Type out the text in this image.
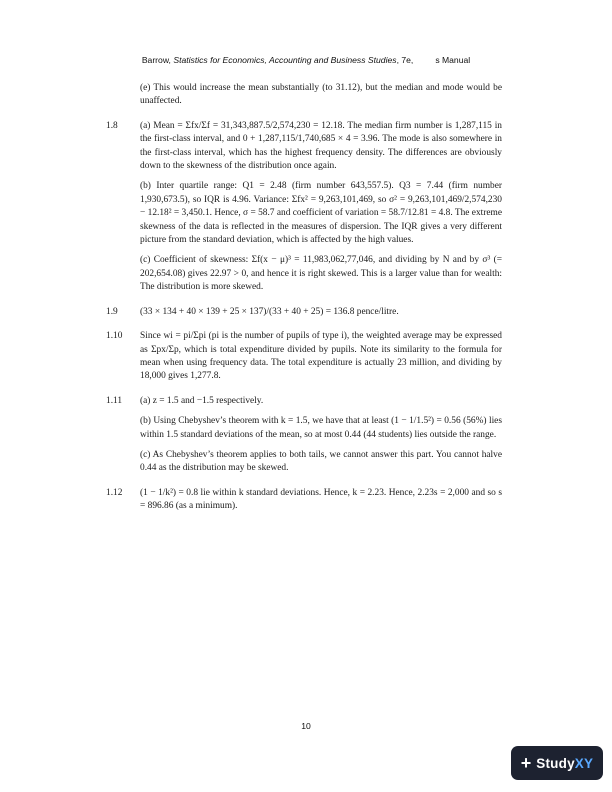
Barrow, Statistics for Economics, Accounting and Business Studies, 7e,	s Manual

(e) This would increase the mean substantially (to 31.12), but the median and mode would be unaffected.

1.8 (a) Mean = Σfx/Σf = 31,343,887.5/2,574,230 = 12.18. The median firm number is 1,287,115 in the first-class interval, and 0 + 1,287,115/1,740,685 × 4 = 3.96. The mode is also somewhere in the first-class interval, which has the highest frequency density. The differences are obviously down to the skewness of the distribution once again.

(b) Inter quartile range: Q1 = 2.48 (firm number 643,557.5). Q3 = 7.44 (firm number 1,930,673.5), so IQR is 4.96. Variance: Σfx² = 9,263,101,469, so σ² = 9,263,101,469/2,574,230 − 12.18² = 3,450.1. Hence, σ = 58.7 and coefficient of variation = 58.7/12.81 = 4.8. The extreme skewness of the data is reflected in the measures of dispersion. The IQR gives a very different picture from the standard deviation, which is affected by the high values.

(c) Coefficient of skewness: Σf(x − μ)³ = 11,983,062,77,046, and dividing by N and by σ³ (= 202,654.08) gives 22.97 > 0, and hence it is right skewed. This is a larger value than for wealth: The distribution is more skewed.

1.9 (33 × 134 + 40 × 139 + 25 × 137)/(33 + 40 + 25) = 136.8 pence/litre.

1.10 Since wi = pi/Σpi (pi is the number of pupils of type i), the weighted average may be expressed as Σpx/Σp, which is total expenditure divided by pupils. Note its similarity to the formula for mean when using frequency data. The total expenditure is actually 23 million, and dividing by 18,000 gives 1,277.8.

1.11 (a) z = 1.5 and −1.5 respectively.

(b) Using Chebyshev’s theorem with k = 1.5, we have that at least (1 − 1/1.5²) = 0.56 (56%) lies within 1.5 standard deviations of the mean, so at most 0.44 (44 students) lies outside the range.

(c) As Chebyshev’s theorem applies to both tails, we cannot answer this part. You cannot halve 0.44 as the distribution may be skewed.

1.12 (1 − 1/k²) = 0.8 lie within k standard deviations. Hence, k = 2.23. Hence, 2.23s = 2,000 and so s = 896.86 (as a minimum).

10
+ StudyXY
